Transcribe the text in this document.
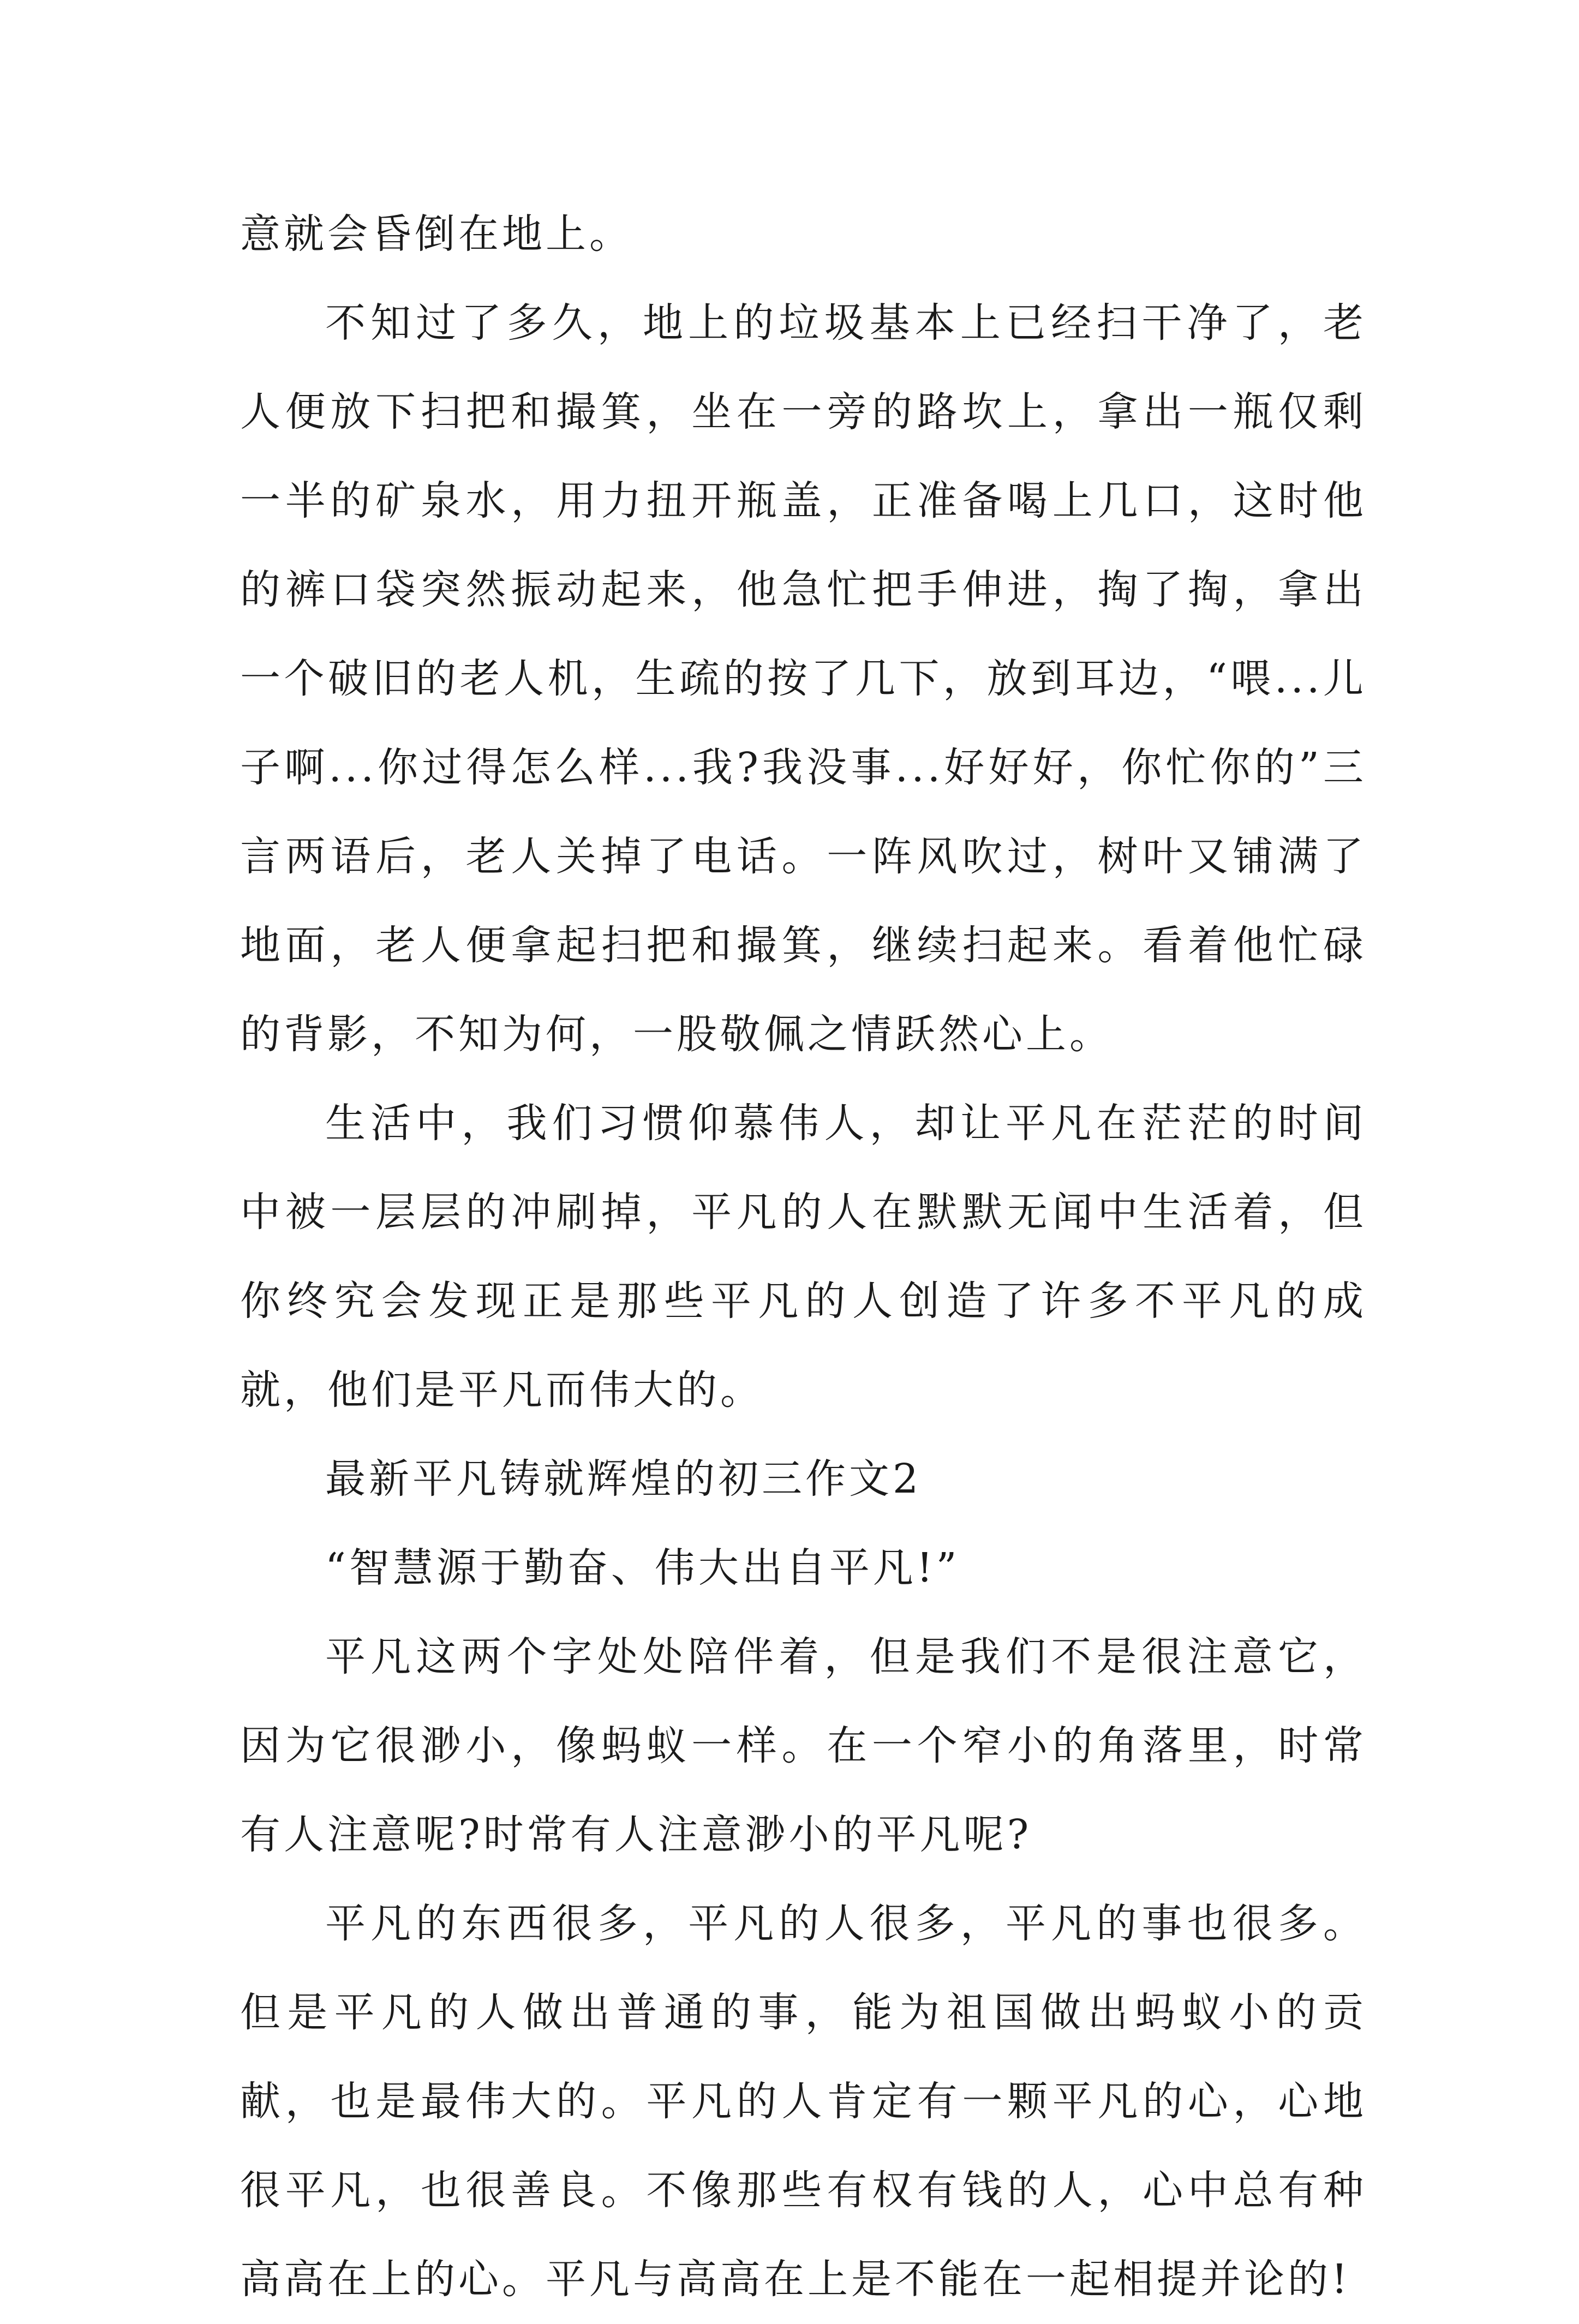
意就会昏倒在地上。

不知过了多久，地上的垃圾基本上已经扫干净了，老人便放下扫把和撮箕，坐在一旁的路坎上，拿出一瓶仅剩一半的矿泉水，用力扭开瓶盖，正准备喝上几口，这时他的裤口袋突然振动起来，他急忙把手伸进，掏了掏，拿出一个破旧的老人机，生疏的按了几下，放到耳边，“喂...儿子啊...你过得怎么样...我?我没事...好好好，你忙你的”三言两语后，老人关掉了电话。一阵风吹过，树叶又铺满了地面，老人便拿起扫把和撮箕，继续扫起来。看着他忙碌的背影，不知为何，一股敬佩之情跃然心上。

生活中，我们习惯仰慕伟人，却让平凡在茫茫的时间中被一层层的冲刷掉，平凡的人在默默无闻中生活着，但你终究会发现正是那些平凡的人创造了许多不平凡的成就，他们是平凡而伟大的。

最新平凡铸就辉煌的初三作文2

“智慧源于勤奋、伟大出自平凡!”

平凡这两个字处处陪伴着，但是我们不是很注意它，因为它很渺小，像蚂蚁一样。在一个窄小的角落里，时常有人注意呢?时常有人注意渺小的平凡呢?

平凡的东西很多，平凡的人很多，平凡的事也很多。但是平凡的人做出普通的事，能为祖国做出蚂蚁小的贡献，也是最伟大的。平凡的人肯定有一颗平凡的心，心地很平凡，也很善良。不像那些有权有钱的人，心中总有种高高在上的心。平凡与高高在上是不能在一起相提并论的!
